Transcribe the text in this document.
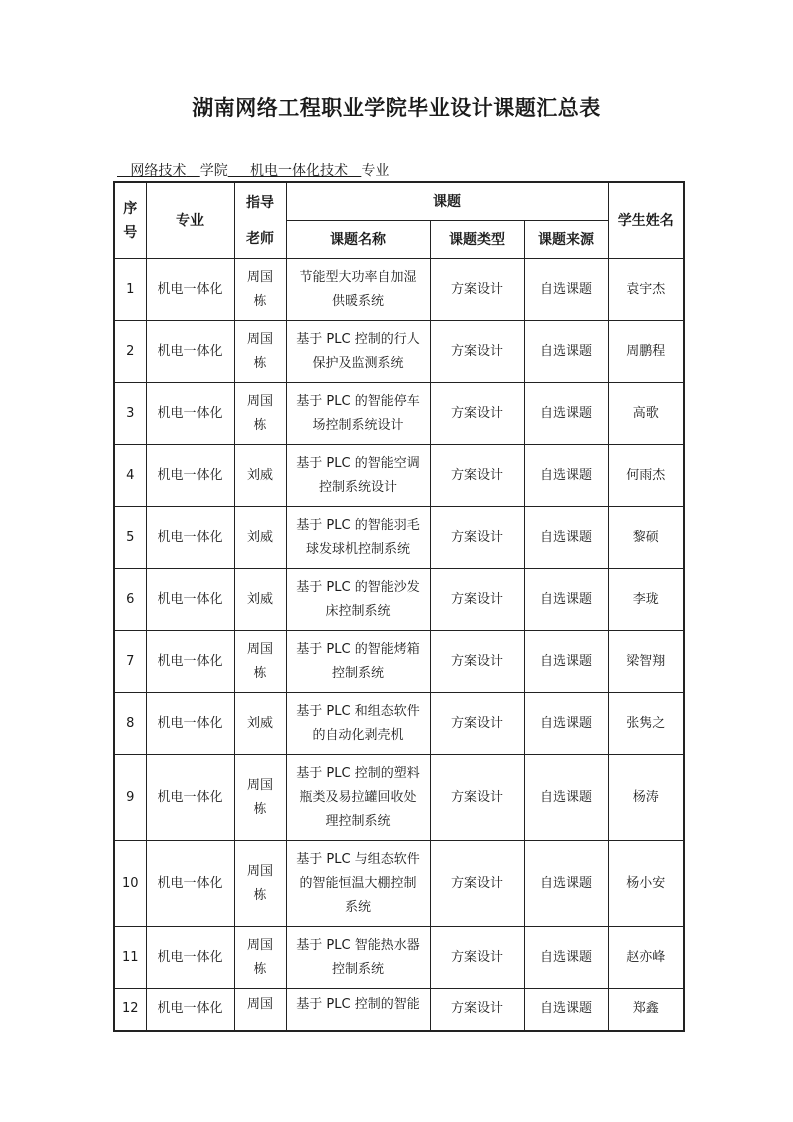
湖南网络工程职业学院毕业设计课题汇总表
网络技术 学院 机电一体化技术 专业
序
号	专业	指导
老师	课题			学生姓名
			课题名称	课题类型	课题来源	
1	机电一体化	周国
栋	节能型大功率自加湿
供暖系统	方案设计	自选课题	袁宇杰
2	机电一体化	周国
栋	基于 PLC 控制的行人
保护及监测系统	方案设计	自选课题	周鹏程
3	机电一体化	周国
栋	基于 PLC 的智能停车
场控制系统设计	方案设计	自选课题	高歌
4	机电一体化	刘威	基于 PLC 的智能空调
控制系统设计	方案设计	自选课题	何雨杰
5	机电一体化	刘威	基于 PLC 的智能羽毛
球发球机控制系统	方案设计	自选课题	黎硕
6	机电一体化	刘威	基于 PLC 的智能沙发
床控制系统	方案设计	自选课题	李珑
7	机电一体化	周国
栋	基于 PLC 的智能烤箱
控制系统	方案设计	自选课题	梁智翔
8	机电一体化	刘威	基于 PLC 和组态软件
的自动化剥壳机	方案设计	自选课题	张隽之
9	机电一体化	周国
栋	基于 PLC 控制的塑料
瓶类及易拉罐回收处
理控制系统	方案设计	自选课题	杨涛
10	机电一体化	周国
栋	基于 PLC 与组态软件
的智能恒温大棚控制
系统	方案设计	自选课题	杨小安
11	机电一体化	周国
栋	基于 PLC 智能热水器
控制系统	方案设计	自选课题	赵亦峰
12	机电一体化	周国	基于 PLC 控制的智能	方案设计	自选课题	郑鑫
